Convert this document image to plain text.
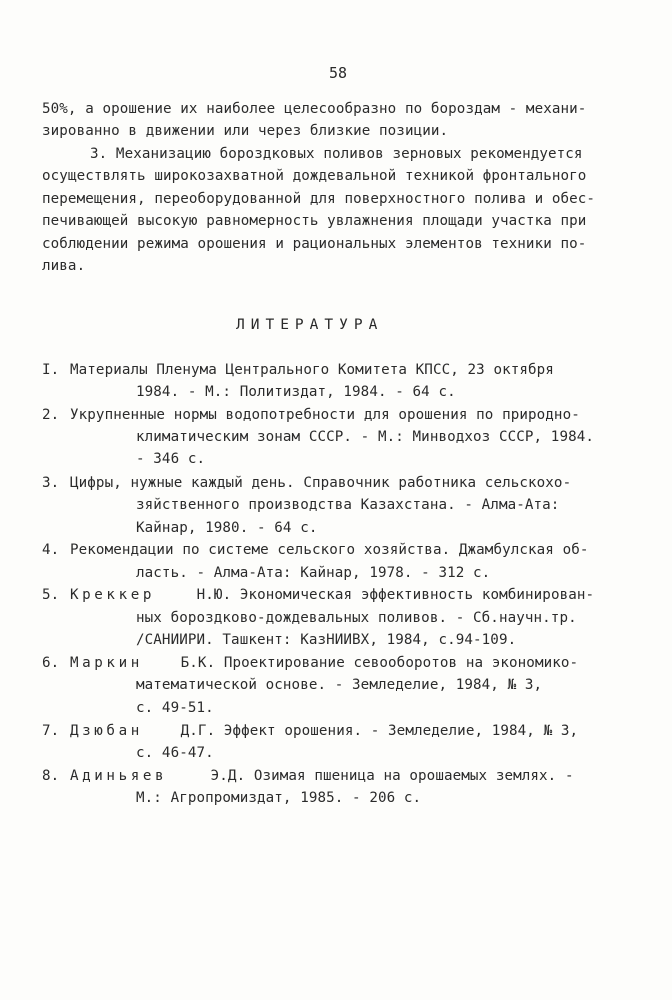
58
50%, а орошение их наиболее целесообразно по бороздам - механи-
зированно в движении или через близкие позиции.
3. Механизацию бороздковых поливов зерновых рекомендуется
осуществлять широкозахватной дождевальной техникой фронтального
перемещения, переоборудованной для поверхностного полива и обес-
печивающей высокую равномерность увлажнения площади участка при
соблюдении режима орошения и рациональных элементов техники по-
лива.
ЛИТЕРАТУРА
I. Материалы Пленума Центрального Комитета КПСС, 23 октября
1984. - М.: Политиздат, 1984. - 64 с.
2. Укрупненные нормы водопотребности для орошения по природно-
климатическим зонам СССР. - М.: Минводхоз СССР, 1984.
- 346 с.
3. Цифры, нужные каждый день. Справочник работника сельскохо-
зяйственного производства Казахстана. - Алма-Ата:
Кайнар, 1980. - 64 с.
4. Рекомендации по системе сельского хозяйства. Джамбулская об-
ласть. - Алма-Ата: Кайнар, 1978. - 312 с.
5. Креккер Н.Ю. Экономическая эффективность комбинирован-
ных бороздково-дождевальных поливов. - Сб.научн.тр.
/САНИИРИ. Ташкент: КазНИИВХ, 1984, с.94-109.
6. Маркин Б.К. Проектирование севооборотов на экономико-
математической основе. - Земледелие, 1984, № 3,
с. 49-51.
7. Дзюбан Д.Г. Эффект орошения. - Земледелие, 1984, № 3,
с. 46-47.
8. Адиньяев Э.Д. Озимая пшеница на орошаемых землях. -
М.: Агропромиздат, 1985. - 206 с.
